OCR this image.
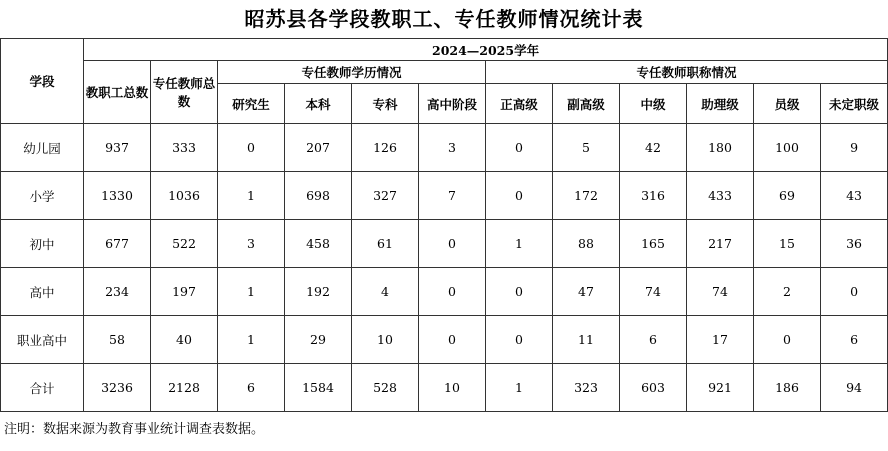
昭苏县各学段教职工、专任教师情况统计表
学段	2024—2025学年											
	教职工总数	专任教师总数	专任教师学历情况				专任教师职称情况					
			研究生	本科	专科	高中阶段	正高级	副高级	中级	助理级	员级	未定职级
幼儿园	937	333	0	207	126	3	0	5	42	180	100	9
小学	1330	1036	1	698	327	7	0	172	316	433	69	43
初中	677	522	3	458	61	0	1	88	165	217	15	36
高中	234	197	1	192	4	0	0	47	74	74	2	0
职业高中	58	40	1	29	10	0	0	11	6	17	0	6
合计	3236	2128	6	1584	528	10	1	323	603	921	186	94
注明：数据来源为教育事业统计调查表数据。
